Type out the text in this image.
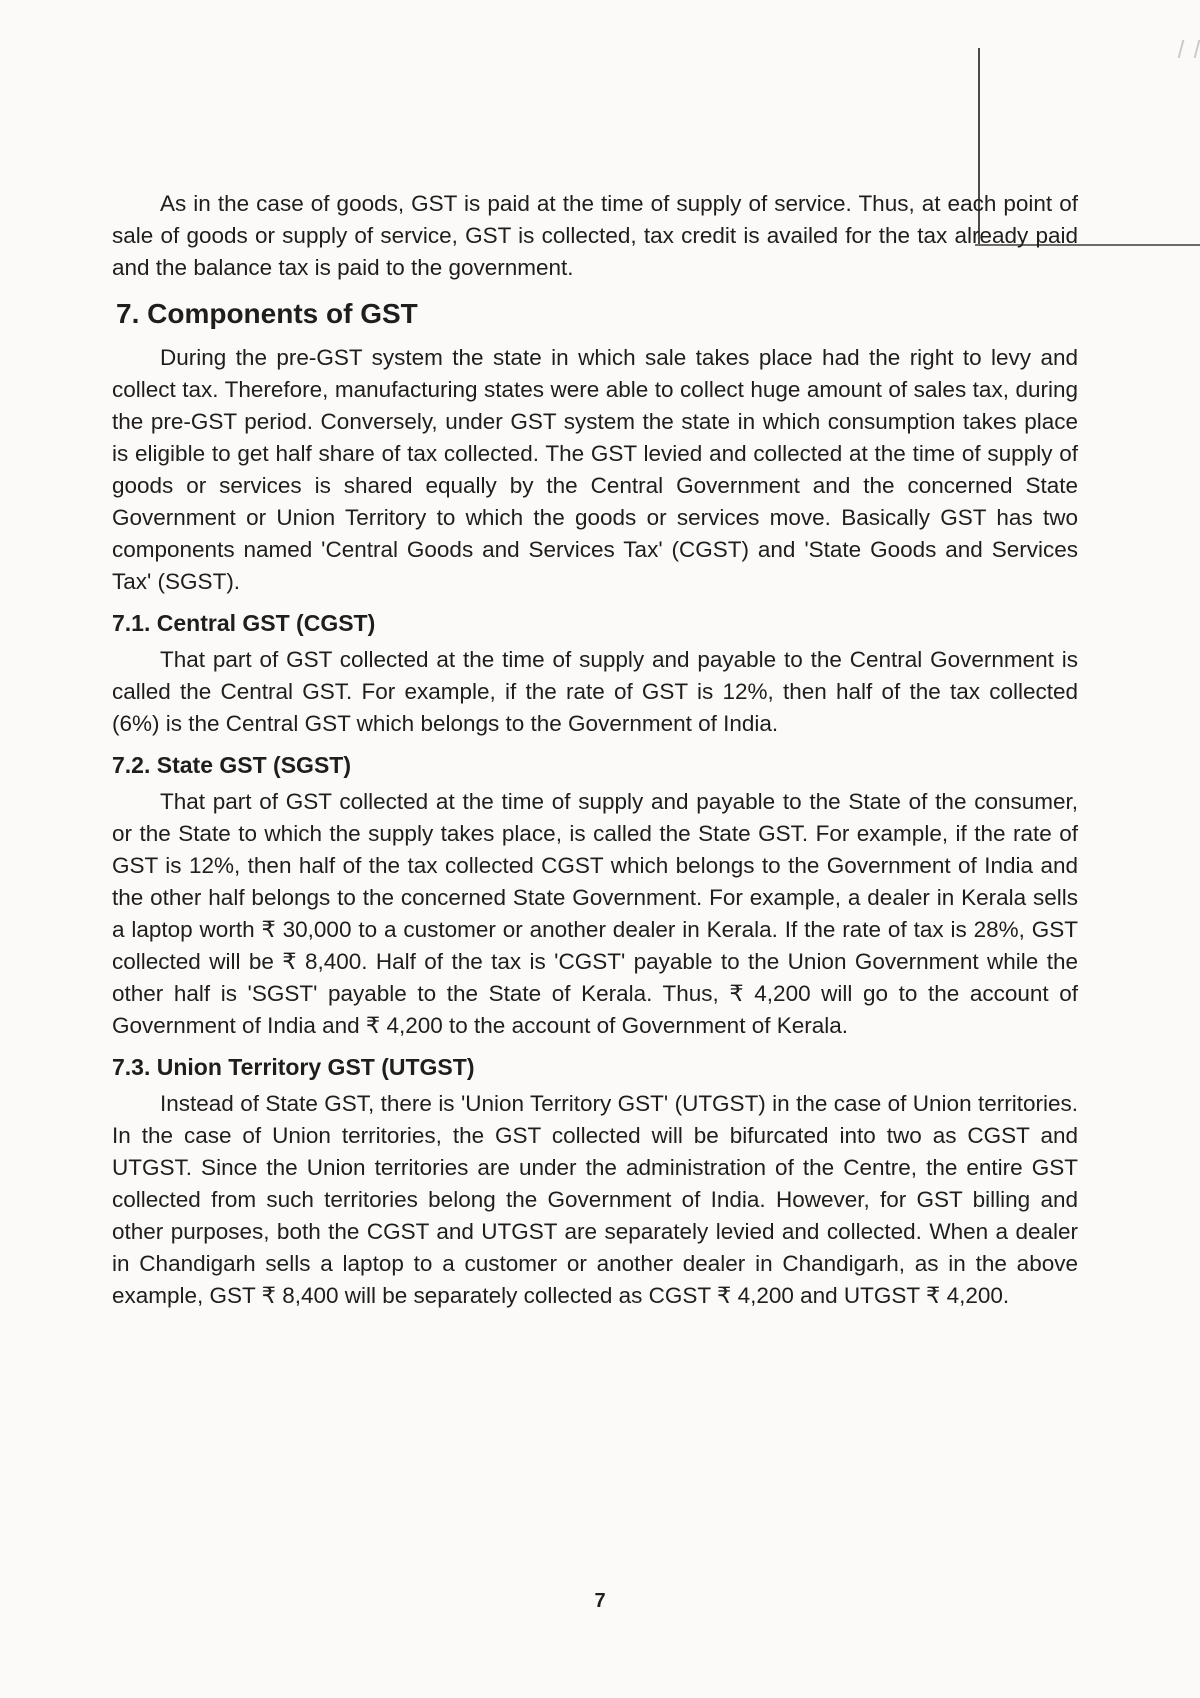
As in the case of goods, GST is paid at the time of supply of service. Thus, at each point of sale of goods or supply of service, GST is collected, tax credit is availed for the tax already paid and the balance tax is paid to the government.

7. Components of GST

During the pre-GST system the state in which sale takes place had the right to levy and collect tax. Therefore, manufacturing states were able to collect huge amount of sales tax, during the pre-GST period. Conversely, under GST system the state in which consumption takes place is eligible to get half share of tax collected. The GST levied and collected at the time of supply of goods or services is shared equally by the Central Government and the concerned State Government or Union Territory to which the goods or services move. Basically GST has two components named 'Central Goods and Services Tax' (CGST) and 'State Goods and Services Tax' (SGST).

7.1. Central GST (CGST)

That part of GST collected at the time of supply and payable to the Central Government is called the Central GST. For example, if the rate of GST is 12%, then half of the tax collected (6%) is the Central GST which belongs to the Government of India.

7.2. State GST (SGST)

That part of GST collected at the time of supply and payable to the State of the consumer, or the State to which the supply takes place, is called the State GST. For example, if the rate of GST is 12%, then half of the tax collected CGST which belongs to the Government of India and the other half belongs to the concerned State Government. For example, a dealer in Kerala sells a laptop worth ₹ 30,000 to a customer or another dealer in Kerala. If the rate of tax is 28%, GST collected will be ₹ 8,400. Half of the tax is 'CGST' payable to the Union Government while the other half is 'SGST' payable to the State of Kerala. Thus, ₹ 4,200 will go to the account of Government of India and ₹ 4,200 to the account of Government of Kerala.

7.3. Union Territory GST (UTGST)

Instead of State GST, there is 'Union Territory GST' (UTGST) in the case of Union territories. In the case of Union territories, the GST collected will be bifurcated into two as CGST and UTGST. Since the Union territories are under the administration of the Centre, the entire GST collected from such territories belong the Government of India. However, for GST billing and other purposes, both the CGST and UTGST are separately levied and collected. When a dealer in Chandigarh sells a laptop to a customer or another dealer in Chandigarh, as in the above example, GST ₹ 8,400 will be separately collected as CGST ₹ 4,200 and UTGST ₹ 4,200.

7
